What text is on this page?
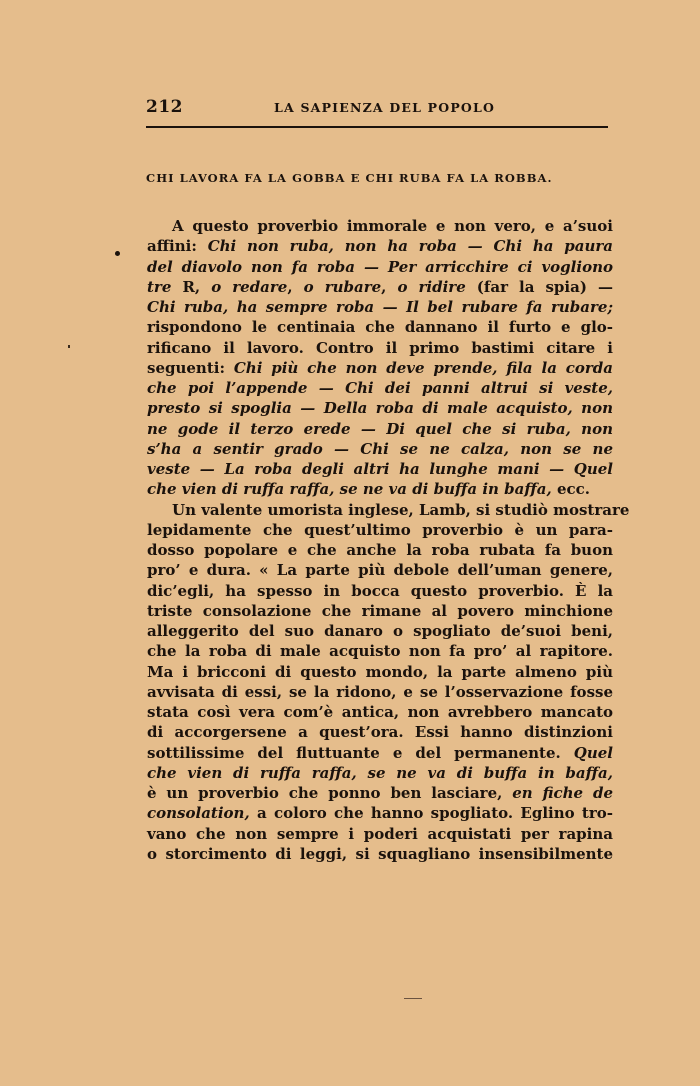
212	LA SAPIENZA DEL POPOLO
CHI LAVORA FA LA GOBBA E CHI RUBA FA LA ROBBA.
A questo proverbio immorale e non vero, e a’suoi
affini: Chi non ruba, non ha roba — Chi ha paura
del diavolo non fa roba — Per arricchire ci vogliono
tre R, o redare, o rubare, o ridire (far la spia) —
Chi ruba, ha sempre roba — Il bel rubare fa rubare;
rispondono le centinaia che dannano il furto e glo-
rificano il lavoro. Contro il primo bastimi citare i
seguenti: Chi più che non deve prende, fila la corda
che poi l’appende — Chi dei panni altrui si veste,
presto si spoglia — Della roba di male acquisto, non
ne gode il terzo erede — Di quel che si ruba, non
s’ha a sentir grado — Chi se ne calza, non se ne
veste — La roba degli altri ha lunghe mani — Quel
che vien di ruffa raffa, se ne va di buffa in baffa, ecc.
Un valente umorista inglese, Lamb, si studiò mostrare
lepidamente che quest’ultimo proverbio è un para-
dosso popolare e che anche la roba rubata fa buon
pro’ e dura. « La parte più debole dell’uman genere,
dic’egli, ha spesso in bocca questo proverbio. È la
triste consolazione che rimane al povero minchione
alleggerito del suo danaro o spogliato de’suoi beni,
che la roba di male acquisto non fa pro’ al rapitore.
Ma i bricconi di questo mondo, la parte almeno più
avvisata di essi, se la ridono, e se l’osservazione fosse
stata così vera com’è antica, non avrebbero mancato
di accorgersene a quest’ora. Essi hanno distinzioni
sottilissime del fluttuante e del permanente. Quel
che vien di ruffa raffa, se ne va di buffa in baffa,
è un proverbio che ponno ben lasciare, en fiche de
consolation, a coloro che hanno spogliato. Eglino tro-
vano che non sempre i poderi acquistati per rapina
o storcimento di leggi, si squagliano insensibilmente
